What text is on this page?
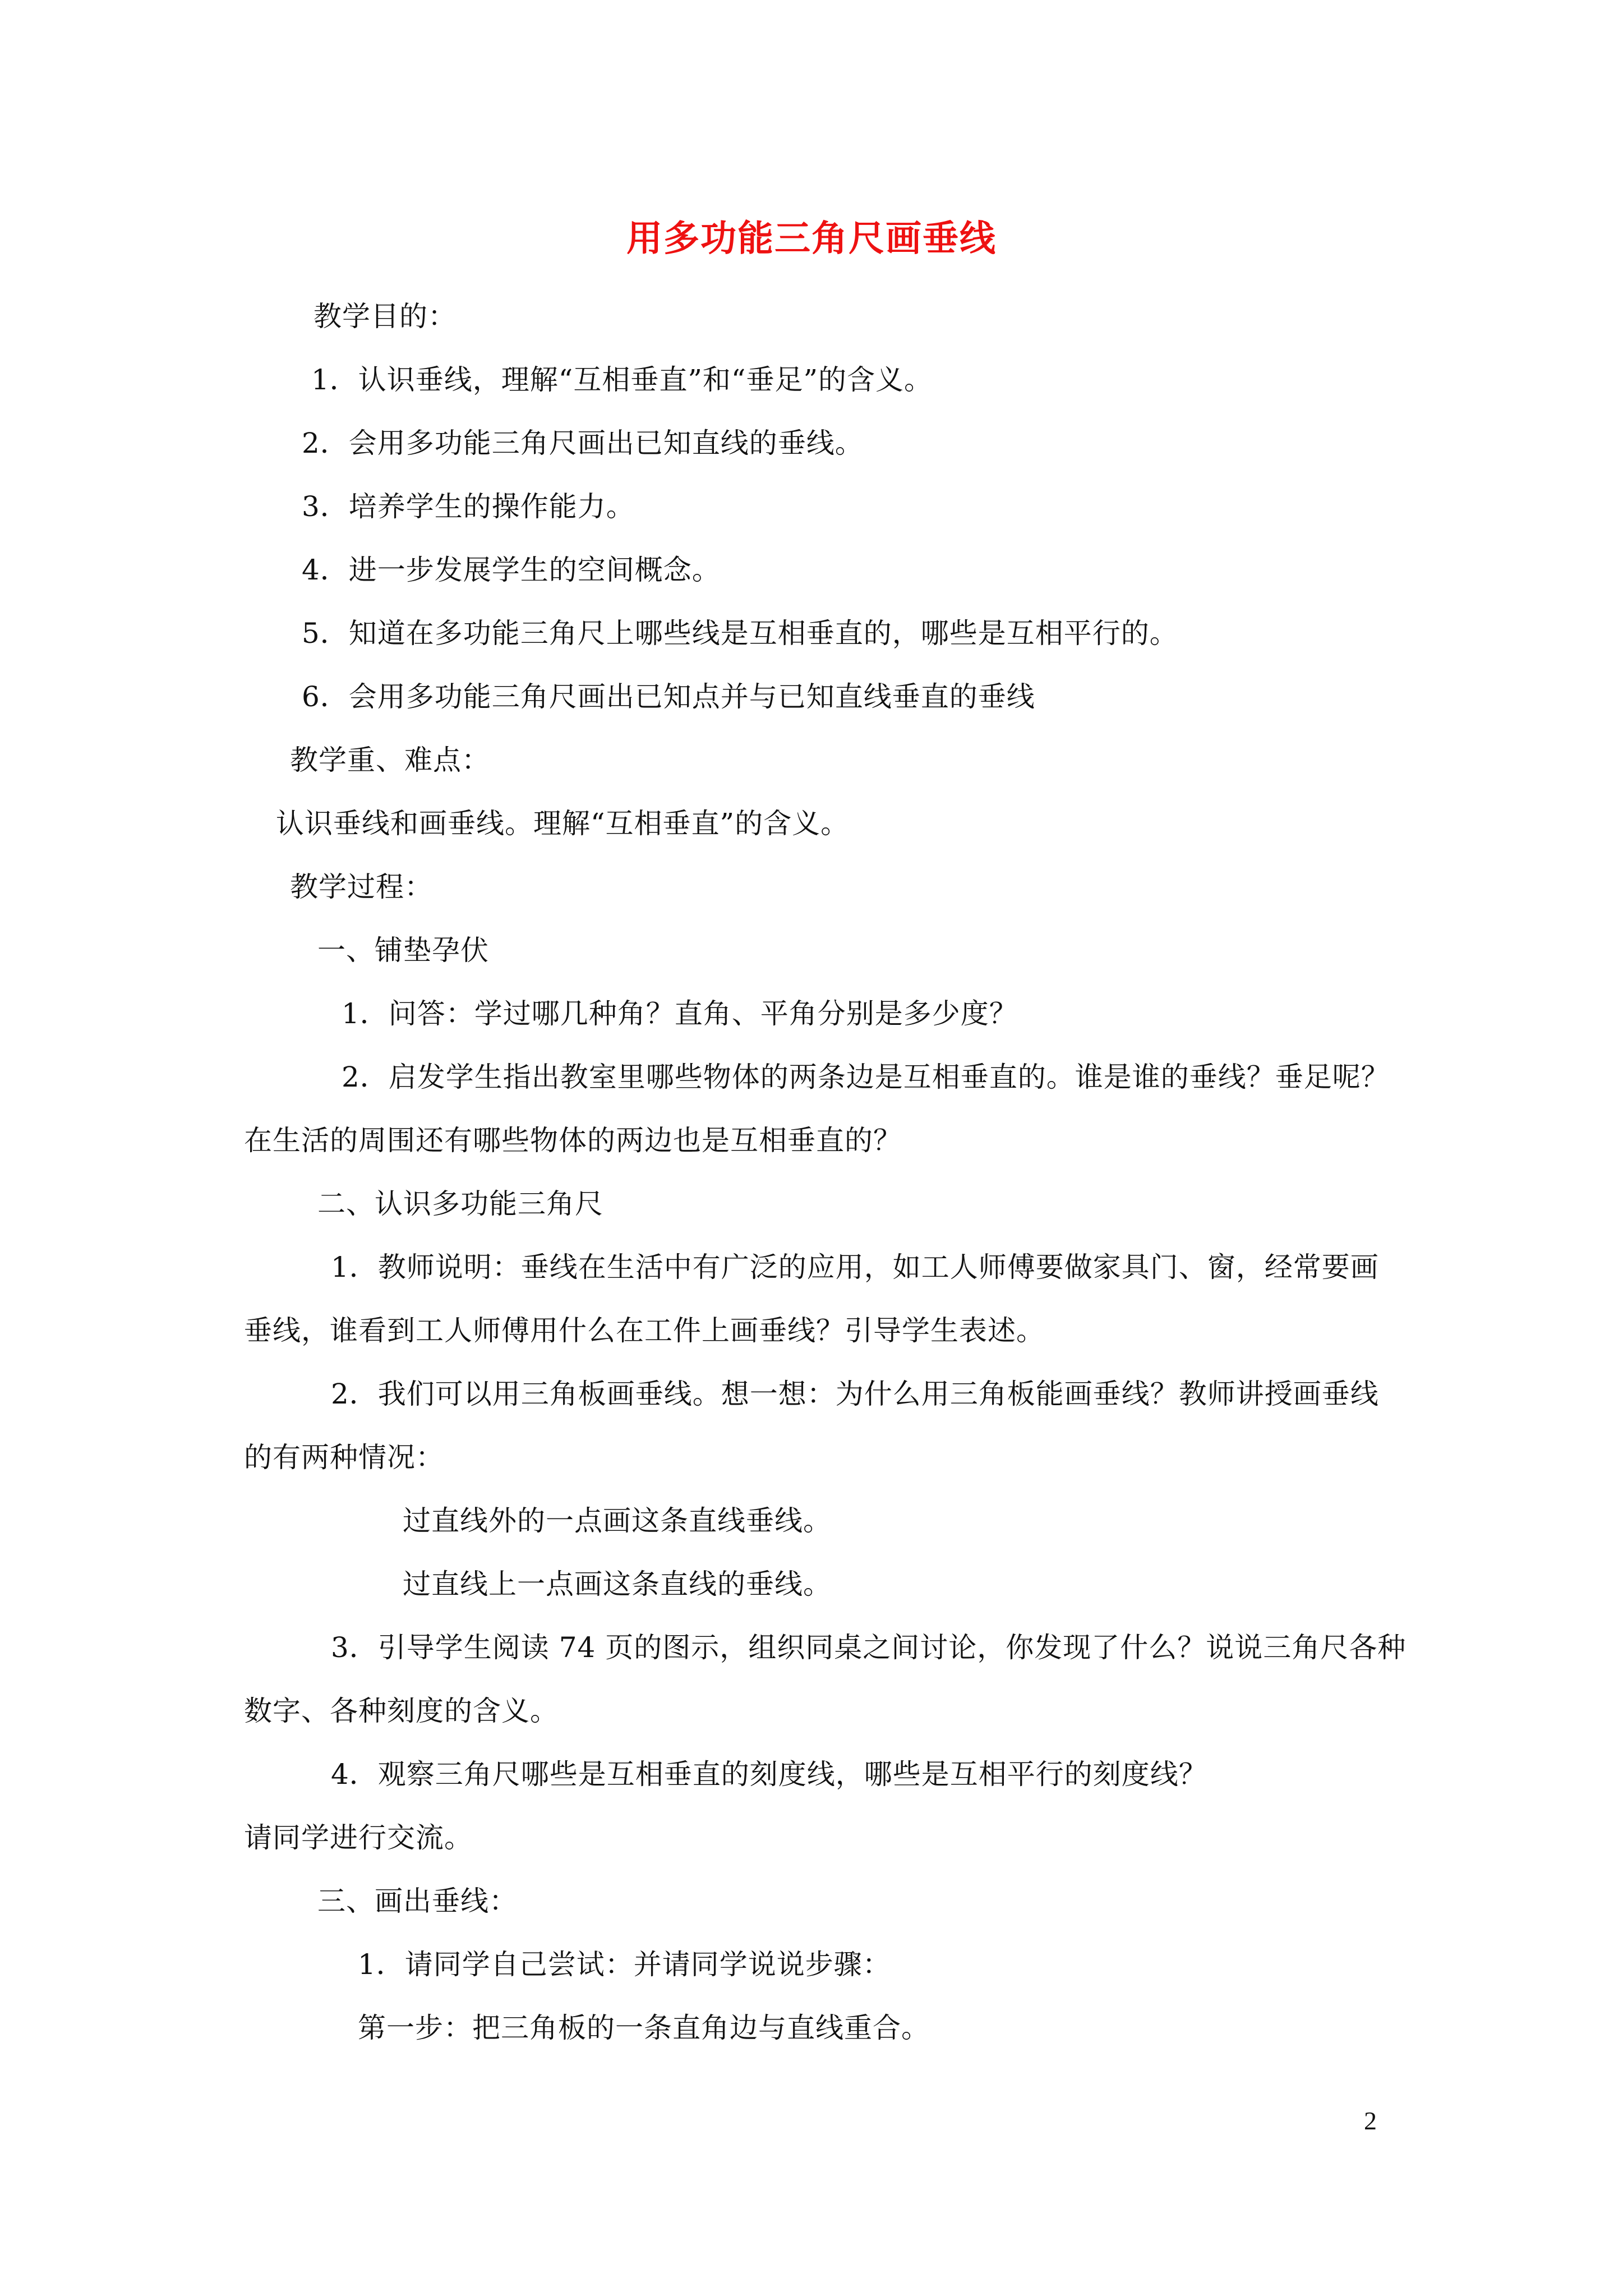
用多功能三角尺画垂线
教学目的：
1．认识垂线，理解“互相垂直”和“垂足”的含义。
2．会用多功能三角尺画出已知直线的垂线。
3．培养学生的操作能力。
4．进一步发展学生的空间概念。
5．知道在多功能三角尺上哪些线是互相垂直的，哪些是互相平行的。
6．会用多功能三角尺画出已知点并与已知直线垂直的垂线
教学重、难点：
认识垂线和画垂线。理解“互相垂直”的含义。
教学过程：
一、铺垫孕伏
1．问答：学过哪几种角？直角、平角分别是多少度？
2．启发学生指出教室里哪些物体的两条边是互相垂直的。谁是谁的垂线？垂足呢？
在生活的周围还有哪些物体的两边也是互相垂直的？
二、认识多功能三角尺
1．教师说明：垂线在生活中有广泛的应用，如工人师傅要做家具门、窗，经常要画
垂线，谁看到工人师傅用什么在工件上画垂线？引导学生表述。
2．我们可以用三角板画垂线。想一想：为什么用三角板能画垂线？教师讲授画垂线
的有两种情况：
过直线外的一点画这条直线垂线。
过直线上一点画这条直线的垂线。
3．引导学生阅读 74 页的图示，组织同桌之间讨论，你发现了什么？说说三角尺各种
数字、各种刻度的含义。
4．观察三角尺哪些是互相垂直的刻度线，哪些是互相平行的刻度线？
请同学进行交流。
三、画出垂线：
1．请同学自己尝试：并请同学说说步骤：
第一步：把三角板的一条直角边与直线重合。
2
